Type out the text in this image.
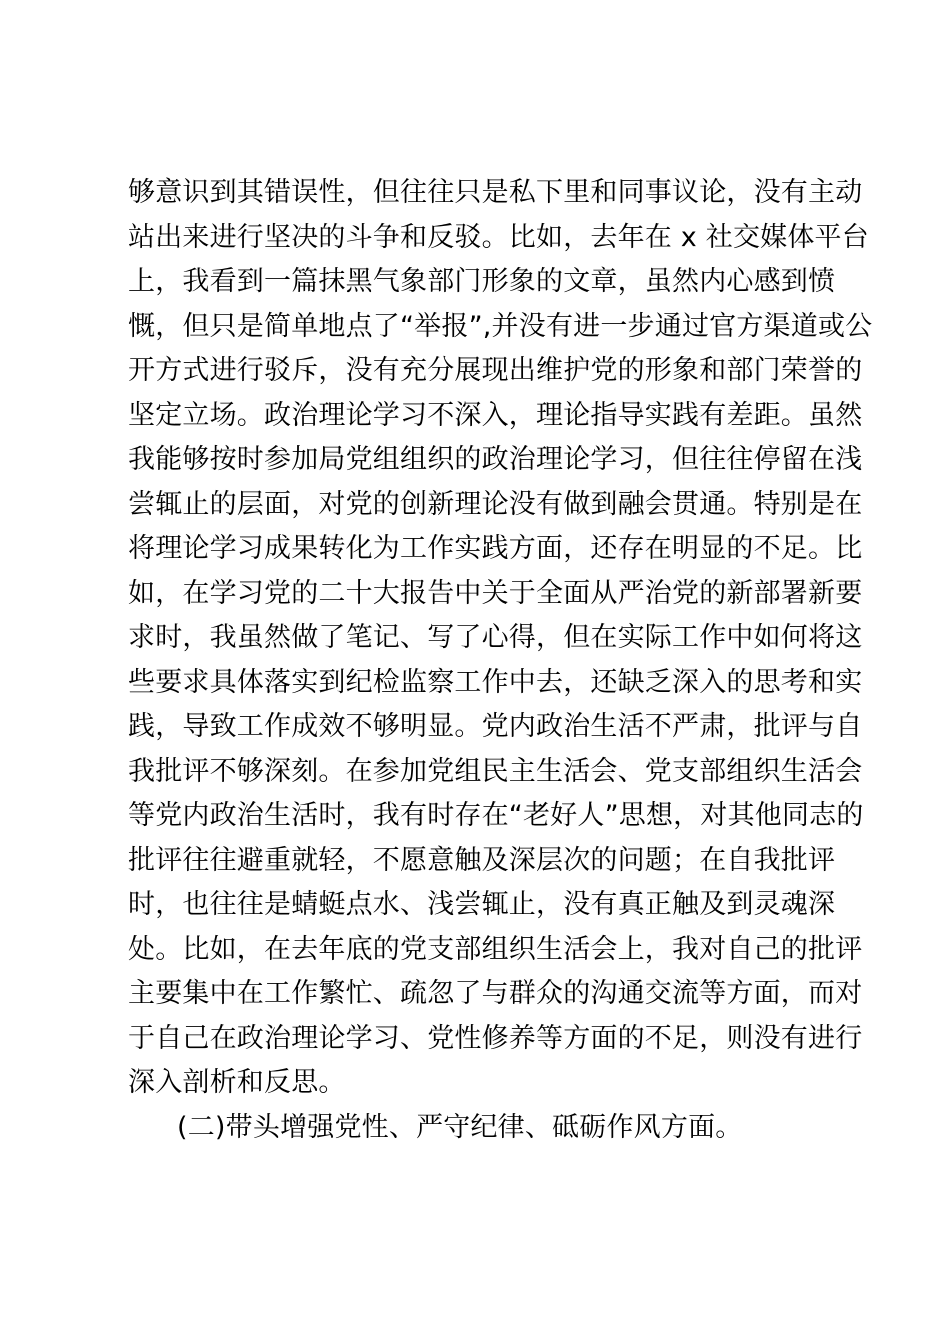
够意识到其错误性，但往往只是私下里和同事议论，没有主动
站出来进行坚决的斗争和反驳。比如，去年在 x 社交媒体平台
上，我看到一篇抹黑气象部门形象的文章，虽然内心感到愤
慨，但只是简单地点了“举报”,并没有进一步通过官方渠道或公
开方式进行驳斥，没有充分展现出维护党的形象和部门荣誉的
坚定立场。政治理论学习不深入，理论指导实践有差距。虽然
我能够按时参加局党组组织的政治理论学习，但往往停留在浅
尝辄止的层面，对党的创新理论没有做到融会贯通。特别是在
将理论学习成果转化为工作实践方面，还存在明显的不足。比
如，在学习党的二十大报告中关于全面从严治党的新部署新要
求时，我虽然做了笔记、写了心得，但在实际工作中如何将这
些要求具体落实到纪检监察工作中去，还缺乏深入的思考和实
践，导致工作成效不够明显。党内政治生活不严肃，批评与自
我批评不够深刻。在参加党组民主生活会、党支部组织生活会
等党内政治生活时，我有时存在“老好人”思想，对其他同志的
批评往往避重就轻，不愿意触及深层次的问题；在自我批评
时，也往往是蜻蜓点水、浅尝辄止，没有真正触及到灵魂深
处。比如，在去年底的党支部组织生活会上，我对自己的批评
主要集中在工作繁忙、疏忽了与群众的沟通交流等方面，而对
于自己在政治理论学习、党性修养等方面的不足，则没有进行
深入剖析和反思。
(二)带头增强党性、严守纪律、砥砺作风方面。
